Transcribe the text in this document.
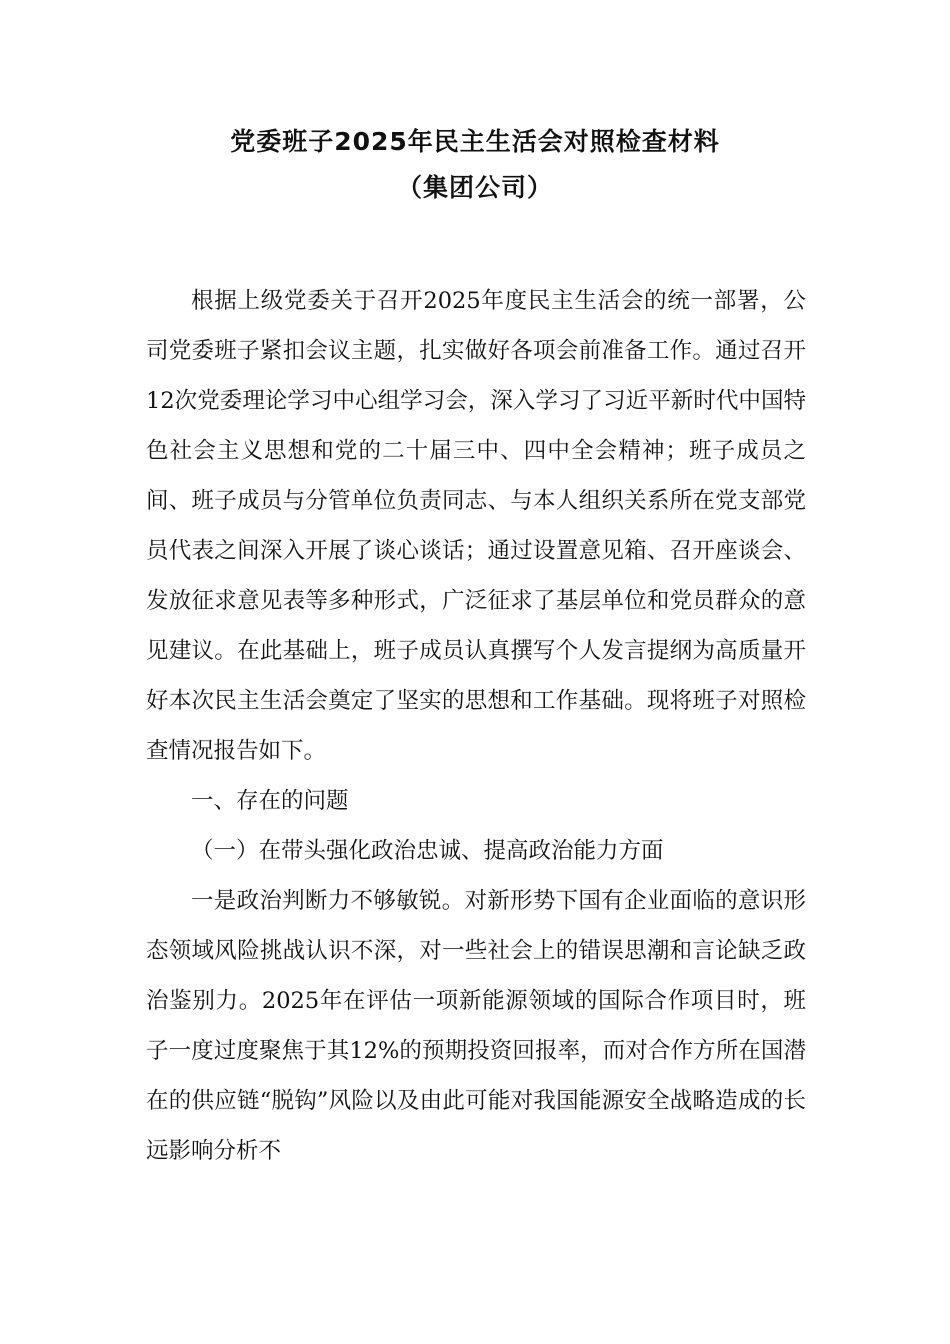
党委班子2025年民主生活会对照检查材料
（集团公司）

根据上级党委关于召开2025年度民主生活会的统一部署，公司党委班子紧扣会议主题，扎实做好各项会前准备工作。通过召开12次党委理论学习中心组学习会，深入学习了习近平新时代中国特色社会主义思想和党的二十届三中、四中全会精神；班子成员之间、班子成员与分管单位负责同志、与本人组织关系所在党支部党员代表之间深入开展了谈心谈话；通过设置意见箱、召开座谈会、发放征求意见表等多种形式，广泛征求了基层单位和党员群众的意见建议。在此基础上，班子成员认真撰写个人发言提纲为高质量开好本次民主生活会奠定了坚实的思想和工作基础。现将班子对照检查情况报告如下。

一、存在的问题

（一）在带头强化政治忠诚、提高政治能力方面

一是政治判断力不够敏锐。对新形势下国有企业面临的意识形态领域风险挑战认识不深，对一些社会上的错误思潮和言论缺乏政治鉴别力。2025年在评估一项新能源领域的国际合作项目时，班子一度过度聚焦于其12%的预期投资回报率，而对合作方所在国潜在的供应链“脱钩”风险以及由此可能对我国能源安全战略造成的长远影响分析不
